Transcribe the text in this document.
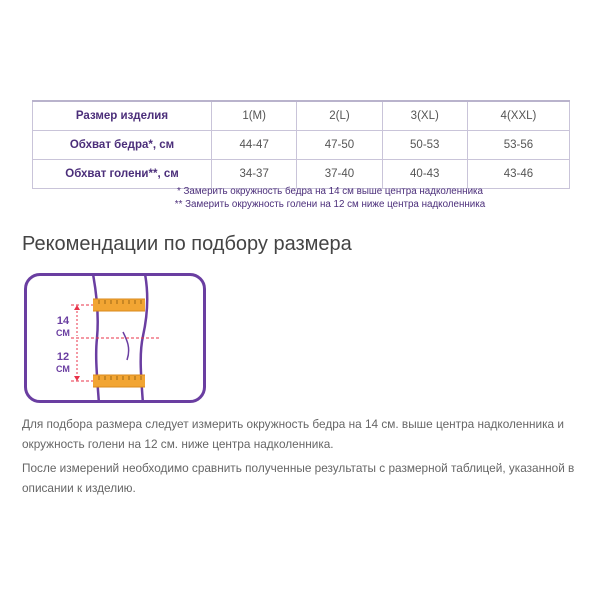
Размер изделия	1(M)	2(L)	3(XL)	4(XXL)
Обхват бедра*, см	44-47	47-50	50-53	53-56
Обхват голени**, см	34-37	37-40	40-43	43-46
* Замерить окружность бедра на 14 см выше центра надколенника
** Замерить окружность голени на 12 см ниже центра надколенника
Рекомендации по подбору размера
14
СМ
12
СМ

Для подбора размера следует измерить окружность бедра на 14 см. выше центра надколенника и окружность голени на 12 см. ниже центра надколенника.

После измерений необходимо сравнить полученные результаты с размерной таблицей, указанной в описании к изделию.
